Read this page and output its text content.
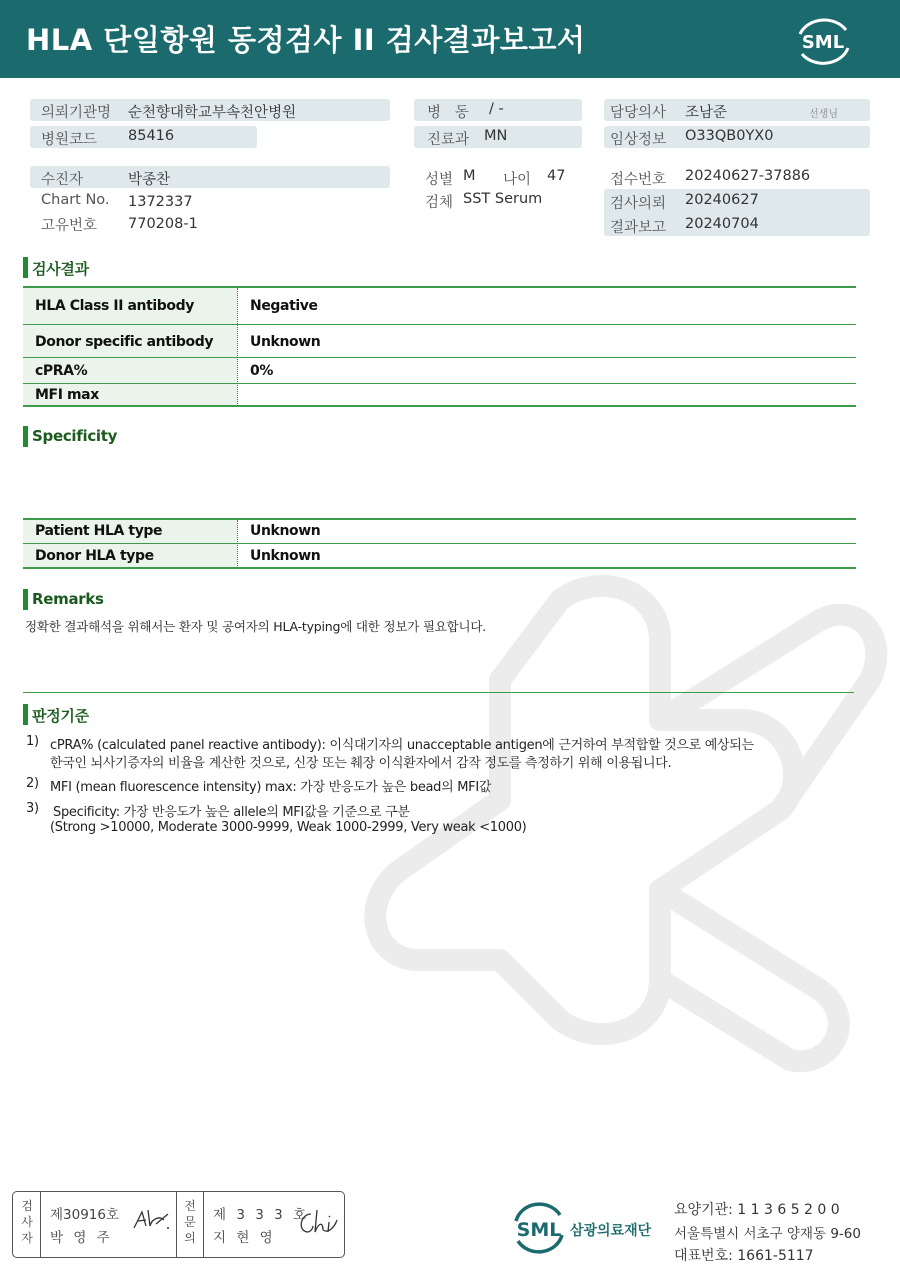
HLA 단일항원 동정검사 II 검사결과보고서	SML
의뢰기관명 순천향대학교부속천안병원
병원코드 85416
병   동 / -
진료과 MN
담당의사 조남준	선생님
임상정보 O33QB0YX0
수진자	박종찬
Chart No. 1372337
고유번호 770208-1
성별 M 나이 47
검체 SST Serum
접수번호 20240627-37886
검사의뢰 20240627
결과보고 20240704
검사결과
HLA Class II antibody	Negative
Donor specific antibody	Unknown
cPRA%	0%
MFI max
Specificity
Patient HLA type	Unknown
Donor HLA type	Unknown
Remarks
정확한 결과해석을 위해서는 환자 및 공여자의 HLA-typing에 대한 정보가 필요합니다.
판정기준
1) cPRA% (calculated panel reactive antibody): 이식대기자의 unacceptable antigen에 근거하여 부적합할 것으로 예상되는
한국인 뇌사기증자의 비율을 계산한 것으로, 신장 또는 췌장 이식환자에서 감작 정도를 측정하기 위해 이용됩니다.
2) MFI (mean fluorescence intensity) max: 가장 반응도가 높은 bead의 MFI값
3) Specificity: 가장 반응도가 높은 allele의 MFI값을 기준으로 구분
(Strong >10000, Moderate 3000-9999, Weak 1000-2999, Very weak <1000)
검사자
제30916호
박 영 주
전문의
제 3 3 3 호
지 현 영	SML 삼광의료재단
요양기관: 1 1 3 6 5 2 0 0
서울특별시 서초구 양재동 9-60
대표번호: 1661-5117
